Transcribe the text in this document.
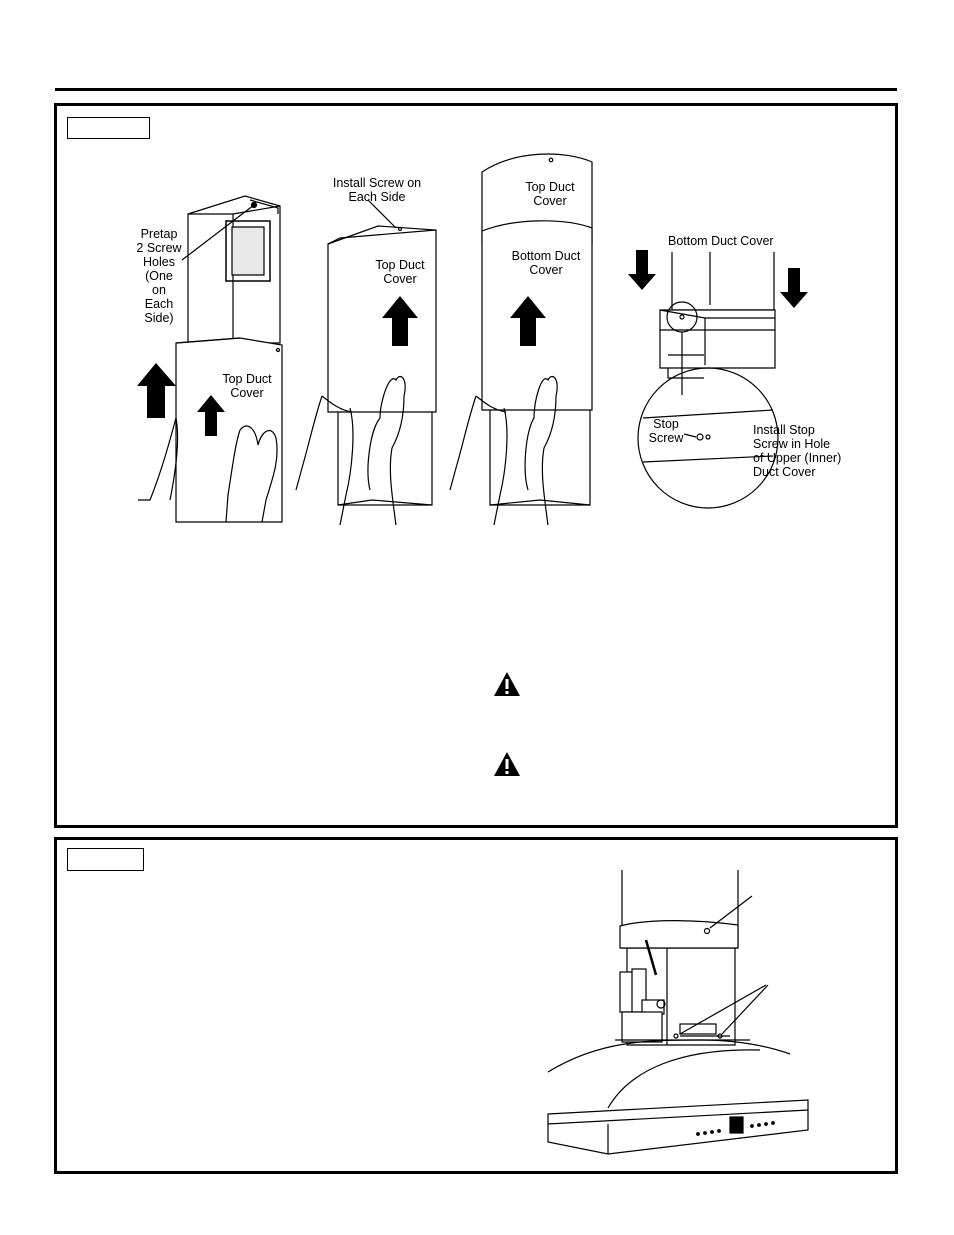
Pretap
2 Screw
Holes
(One
on
Each
Side)
Top Duct
Cover
Install Screw on
Each Side
Top Duct
Cover
Top Duct
Cover
Bottom Duct
Cover
Bottom Duct Cover
Stop
Screw
Install Stop
Screw in Hole
of Upper (Inner)
Duct Cover
